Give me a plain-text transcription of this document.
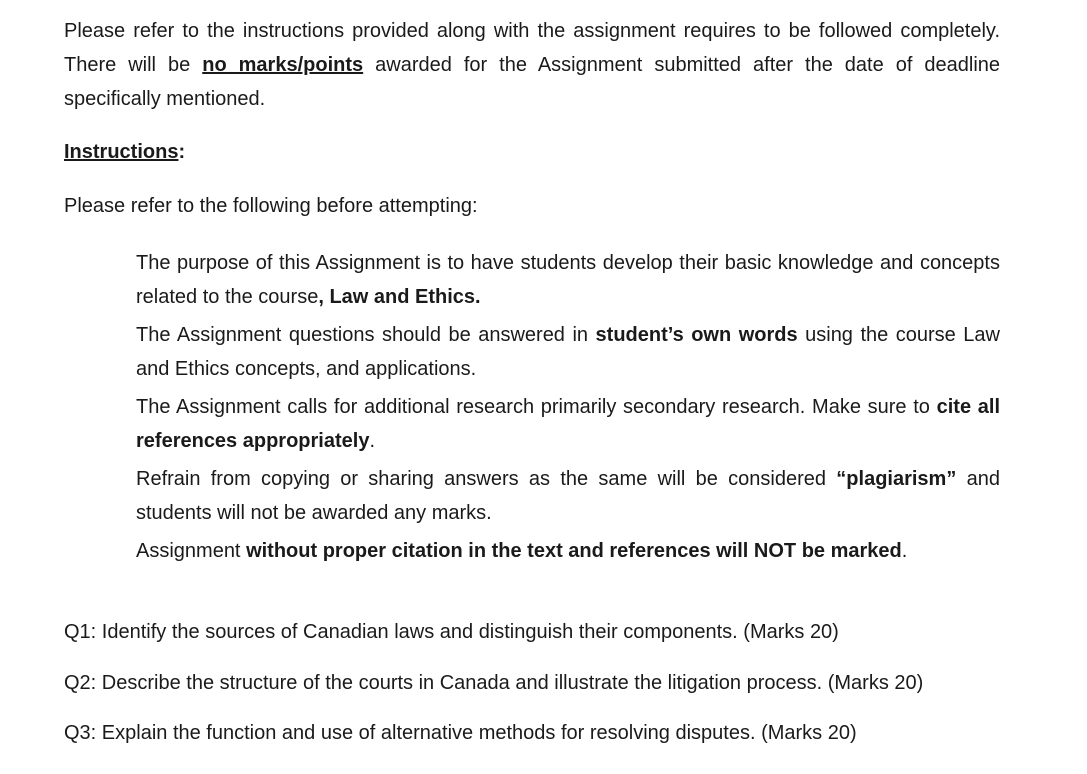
Please refer to the instructions provided along with the assignment requires to be followed completely. There will be no marks/points awarded for the Assignment submitted after the date of deadline specifically mentioned.

Instructions:
Please refer to the following before attempting:
The purpose of this Assignment is to have students develop their basic knowledge and concepts related to the course, Law and Ethics.
The Assignment questions should be answered in student’s own words using the course Law and Ethics concepts, and applications.
The Assignment calls for additional research primarily secondary research. Make sure to cite all references appropriately.
Refrain from copying or sharing answers as the same will be considered “plagiarism” and students will not be awarded any marks.
Assignment without proper citation in the text and references will NOT be marked.
Q1: Identify the sources of Canadian laws and distinguish their components. (Marks 20)
Q2: Describe the structure of the courts in Canada and illustrate the litigation process. (Marks 20)
Q3: Explain the function and use of alternative methods for resolving disputes. (Marks 20)
